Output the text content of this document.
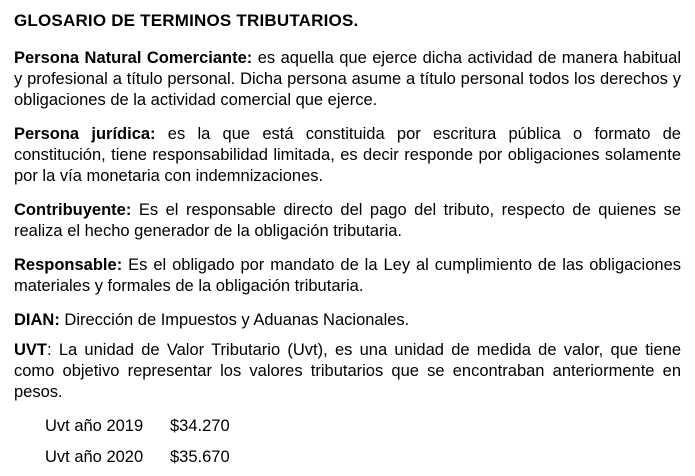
GLOSARIO DE TERMINOS TRIBUTARIOS.

Persona Natural Comerciante: es aquella que ejerce dicha actividad de manera habitual y profesional a título personal. Dicha persona asume a título personal todos los derechos y obligaciones de la actividad comercial que ejerce.

Persona jurídica: es la que está constituida por escritura pública o formato de constitución, tiene responsabilidad limitada, es decir responde por obligaciones solamente por la vía monetaria con indemnizaciones.

Contribuyente: Es el responsable directo del pago del tributo, respecto de quienes se realiza el hecho generador de la obligación tributaria.

Responsable: Es el obligado por mandato de la Ley al cumplimiento de las obligaciones materiales y formales de la obligación tributaria.

DIAN: Dirección de Impuestos y Aduanas Nacionales.

UVT: La unidad de Valor Tributario (Uvt), es una unidad de medida de valor, que tiene como objetivo representar los valores tributarios que se encontraban anteriormente en pesos.

Uvt año 2019	$34.270
Uvt año 2020	$35.670
